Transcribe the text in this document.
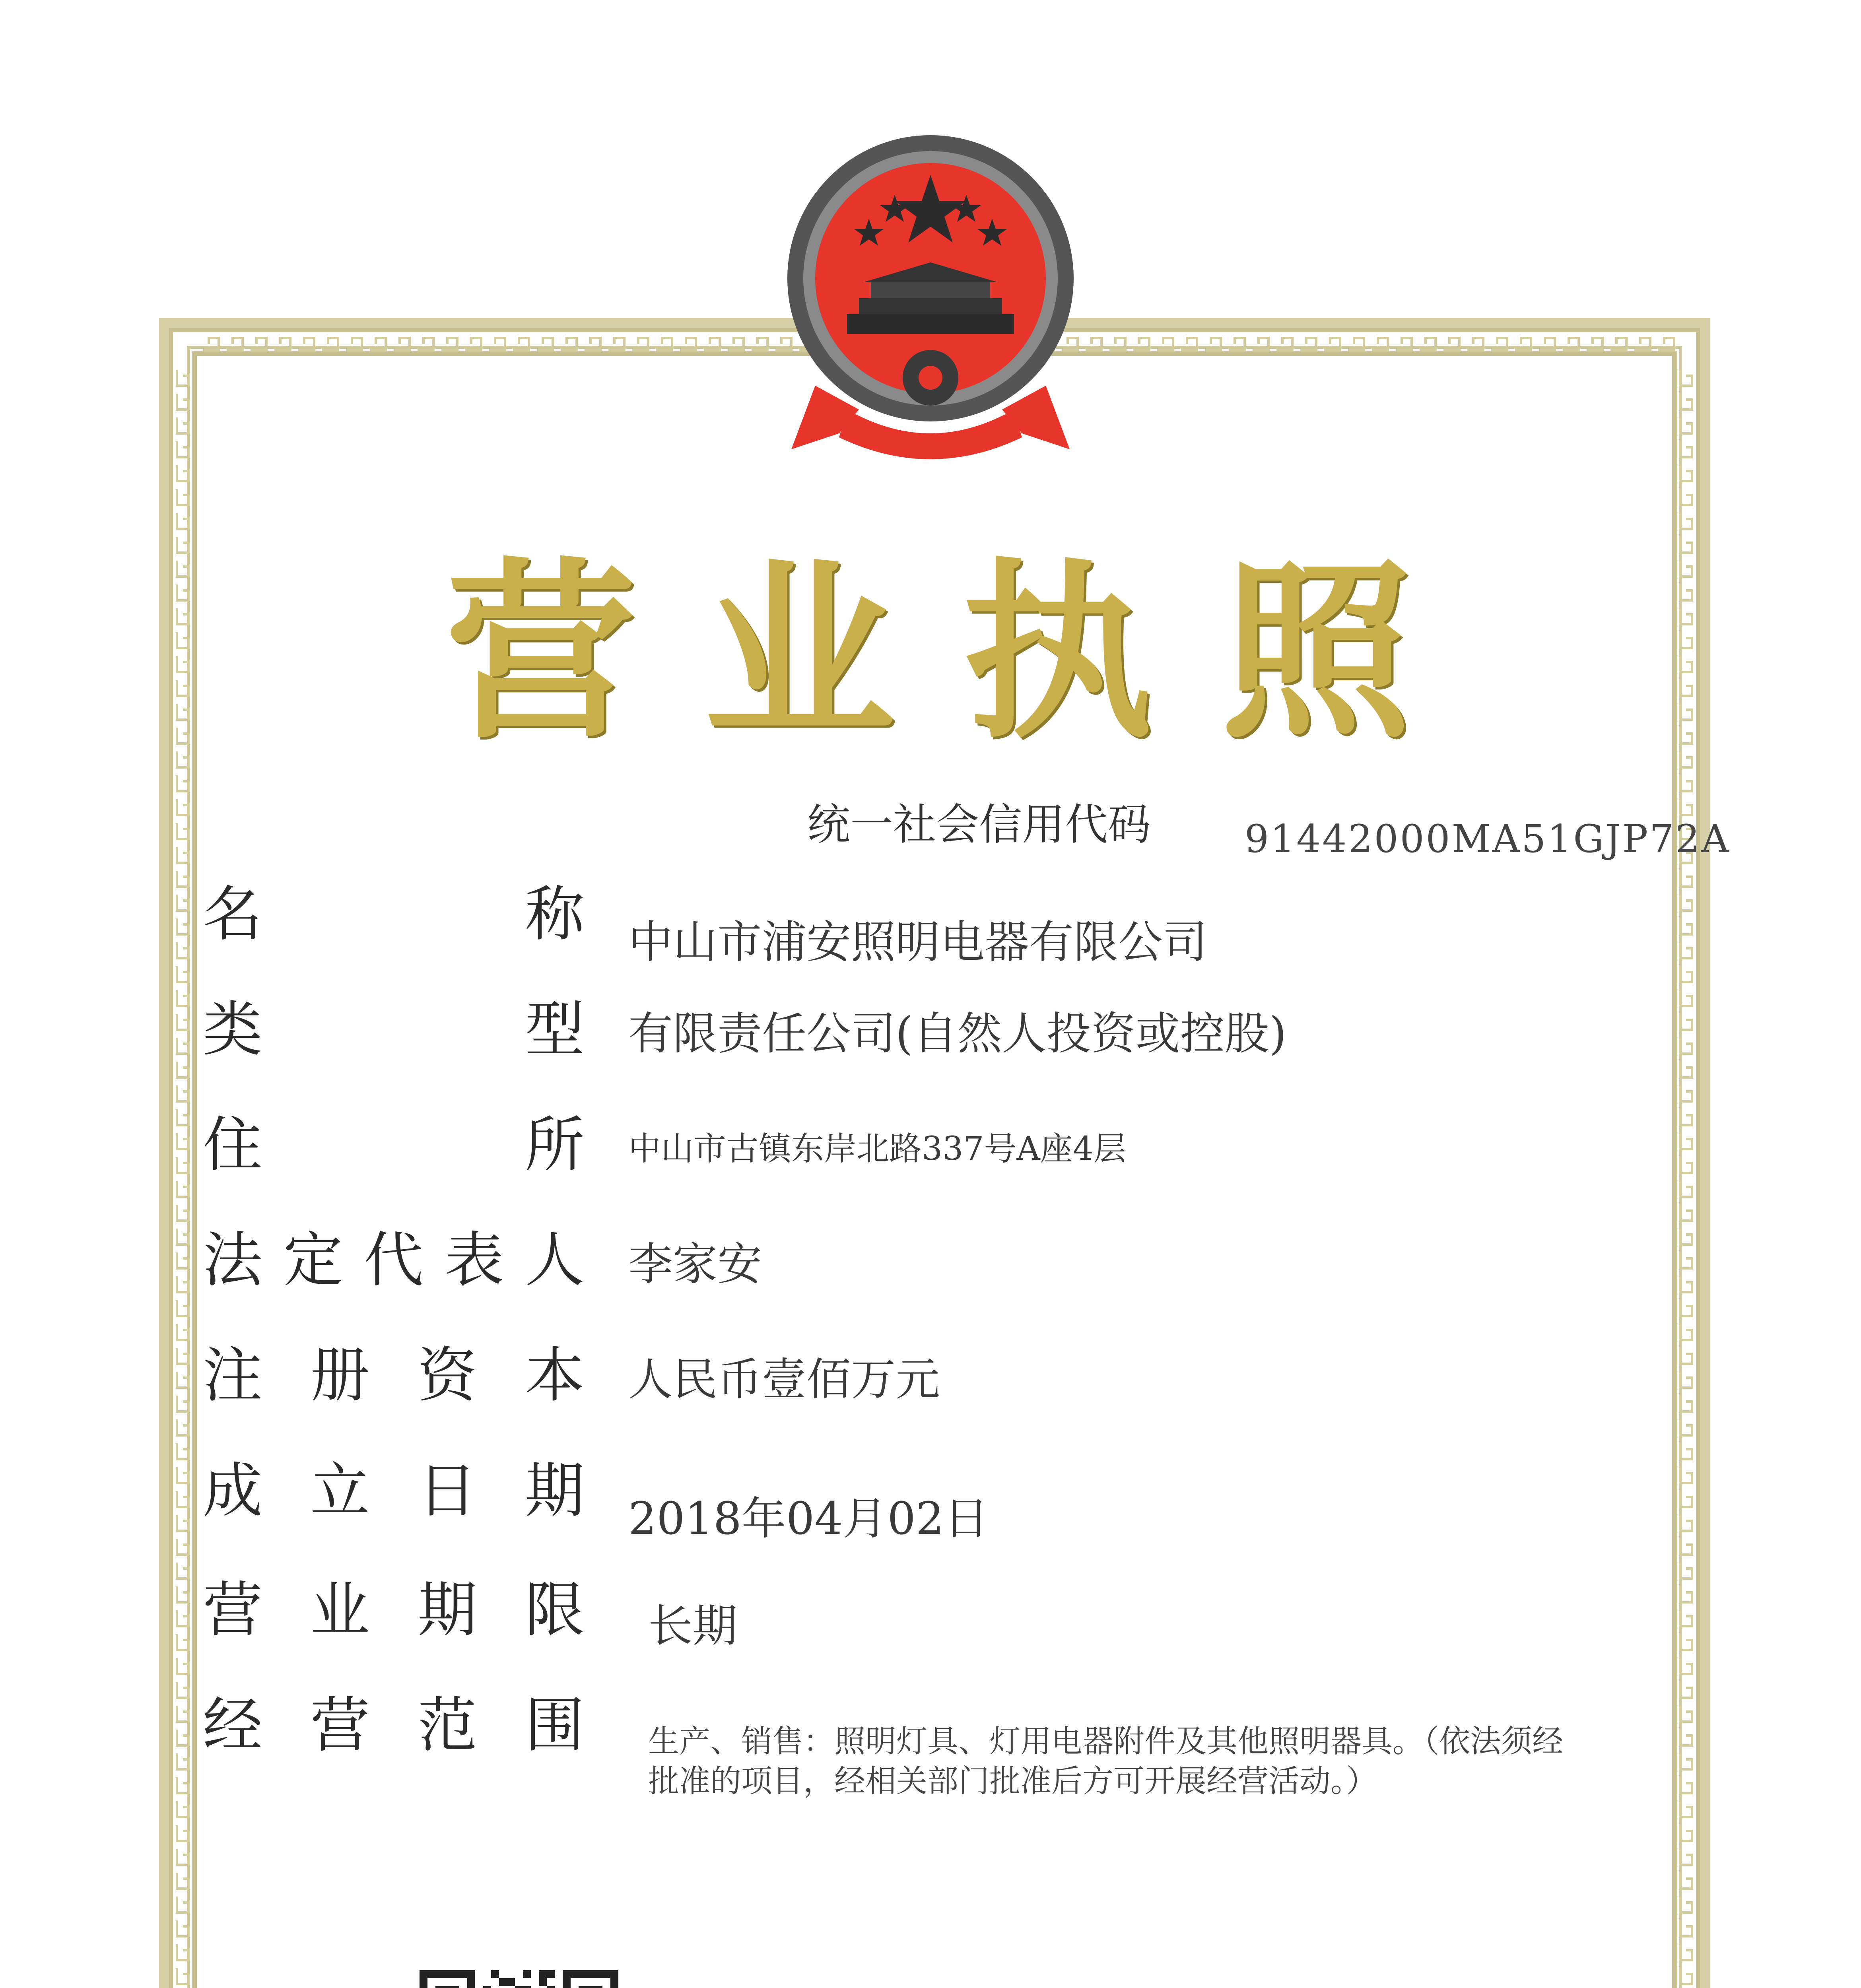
营业执照
统一社会信用代码 91442000MA51GJP72A
名	称 中山市浦安照明电器有限公司
类	型 有限责任公司(自然人投资或控股)
住	所 中山市古镇东岸北路337号A座4层
法 定 代 表 人 李家安
注 册 资 本 人民币壹佰万元
成 立 日 期 2018年04月02日
营 业 期 限 长期
经 营 范 围 生产、销售：照明灯具、灯用电器附件及其他照明器具。（依法须经批准的项目，经相关部门批准后方可开展经营活动。）
